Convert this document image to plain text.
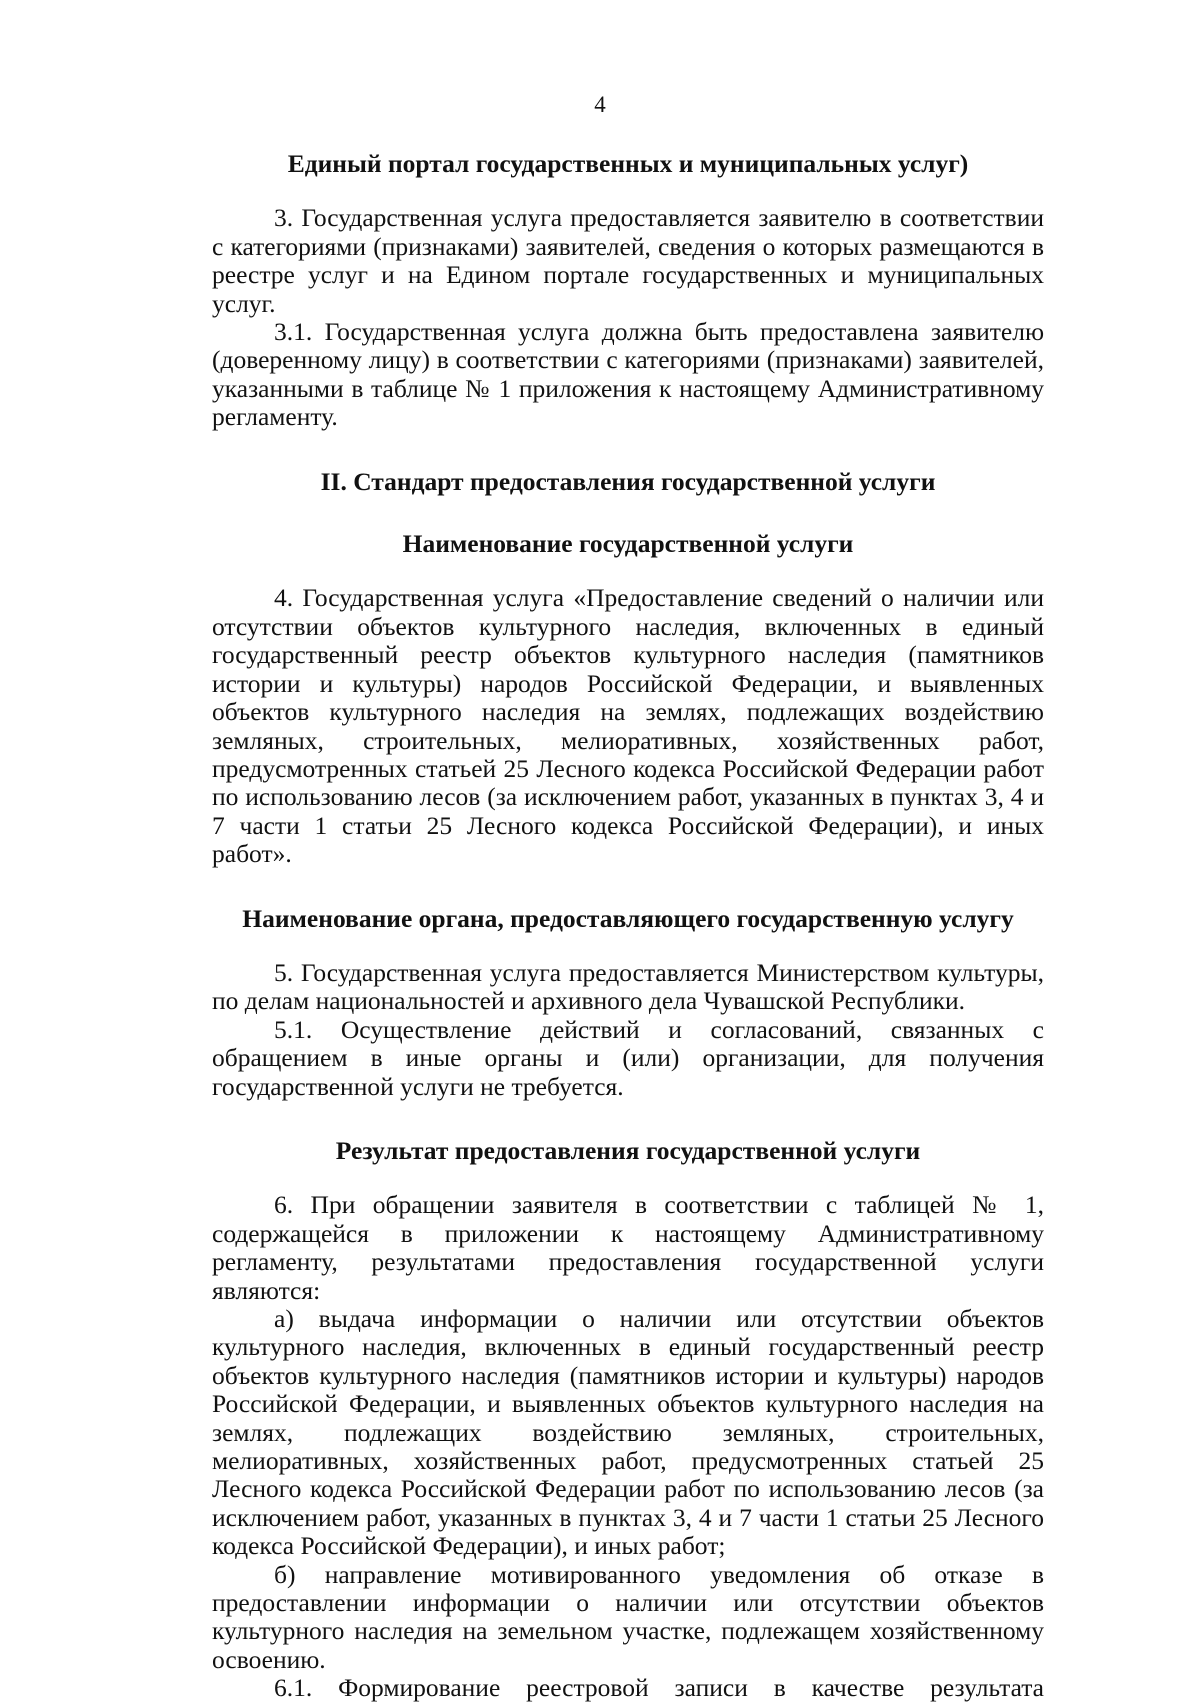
4

Единый портал государственных и муниципальных услуг)

3. Государственная услуга предоставляется заявителю в соответствии с категориями (признаками) заявителей, сведения о которых размещаются в реестре услуг и на Едином портале государственных и муниципальных услуг.

3.1. Государственная услуга должна быть предоставлена заявителю (доверенному лицу) в соответствии с категориями (признаками) заявителей, указанными в таблице № 1 приложения к настоящему Административному регламенту.

II. Стандарт предоставления государственной услуги

Наименование государственной услуги

4. Государственная услуга «Предоставление сведений о наличии или отсутствии объектов культурного наследия, включенных в единый государственный реестр объектов культурного наследия (памятников истории и культуры) народов Российской Федерации, и выявленных объектов культурного наследия на землях, подлежащих воздействию земляных, строительных, мелиоративных, хозяйственных работ, предусмотренных статьей 25 Лесного кодекса Российской Федерации работ по использованию лесов (за исключением работ, указанных в пунктах 3, 4 и 7 части 1 статьи 25 Лесного кодекса Российской Федерации), и иных работ».

Наименование органа, предоставляющего государственную услугу

5. Государственная услуга предоставляется Министерством культуры, по делам национальностей и архивного дела Чувашской Республики.

5.1. Осуществление действий и согласований, связанных с обращением в иные органы и (или) организации, для получения государственной услуги не требуется.

Результат предоставления государственной услуги

6. При обращении заявителя в соответствии с таблицей № 1, содержащейся в приложении к настоящему Административному регламенту, результатами предоставления государственной услуги являются:

а) выдача информации о наличии или отсутствии объектов культурного наследия, включенных в единый государственный реестр объектов культурного наследия (памятников истории и культуры) народов Российской Федерации, и выявленных объектов культурного наследия на землях, подлежащих воздействию земляных, строительных, мелиоративных, хозяйственных работ, предусмотренных статьей 25 Лесного кодекса Российской Федерации работ по использованию лесов (за исключением работ, указанных в пунктах 3, 4 и 7 части 1 статьи 25 Лесного кодекса Российской Федерации), и иных работ;

б) направление мотивированного уведомления об отказе в предоставлении информации о наличии или отсутствии объектов культурного наследия на земельном участке, подлежащем хозяйственному освоению.

6.1. Формирование реестровой записи в качестве результата
